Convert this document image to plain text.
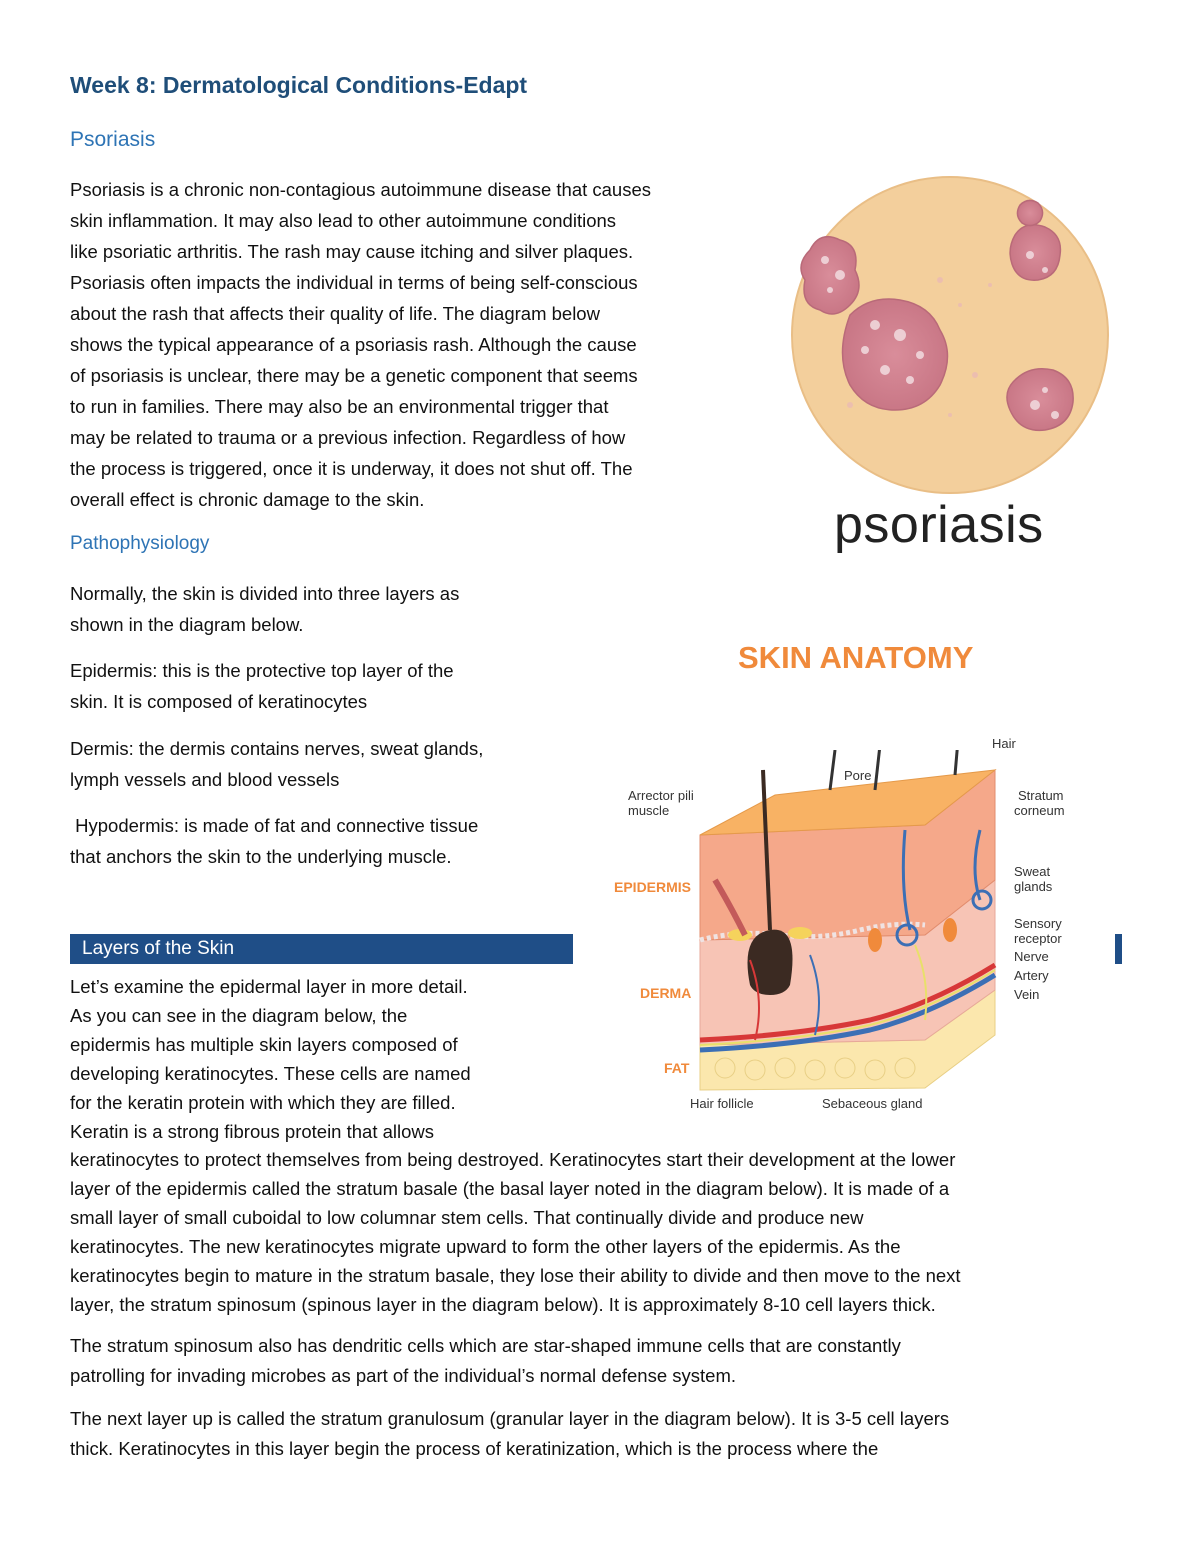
Week 8: Dermatological Conditions-Edapt
Psoriasis

Psoriasis is a chronic non-contagious autoimmune disease that causes

skin inflammation. It may also lead to other autoimmune conditions

like psoriatic arthritis. The rash may cause itching and silver plaques.

Psoriasis often impacts the individual in terms of being self-conscious

about the rash that affects their quality of life. The diagram below

shows the typical appearance of a psoriasis rash. Although the cause

of psoriasis is unclear, there may be a genetic component that seems

to run in families. There may also be an environmental trigger that

may be related to trauma or a previous infection. Regardless of how

the process is triggered, once it is underway, it does not shut off. The

overall effect is chronic damage to the skin.

Pathophysiology

Normally, the skin is divided into three layers as

shown in the diagram below.

Epidermis: this is the protective top layer of the

skin. It is composed of keratinocytes

Dermis: the dermis contains nerves, sweat glands,

lymph vessels and blood vessels

Hypodermis: is made of fat and connective tissue

that anchors the skin to the underlying muscle.

Layers of the Skin

Let’s examine the epidermal layer in more detail.

As you can see in the diagram below, the

epidermis has multiple skin layers composed of

developing keratinocytes. These cells are named

for the keratin protein with which they are filled.

Keratin is a strong fibrous protein that allows

keratinocytes to protect themselves from being destroyed. Keratinocytes start their development at the lower

layer of the epidermis called the stratum basale (the basal layer noted in the diagram below). It is made of a

small layer of small cuboidal to low columnar stem cells. That continually divide and produce new

keratinocytes. The new keratinocytes migrate upward to form the other layers of the epidermis. As the

keratinocytes begin to mature in the stratum basale, they lose their ability to divide and then move to the next

layer, the stratum spinosum (spinous layer in the diagram below). It is approximately 8-10 cell layers thick.

The stratum spinosum also has dendritic cells which are star-shaped immune cells that are constantly

patrolling for invading microbes as part of the individual’s normal defense system.

The next layer up is called the stratum granulosum (granular layer in the diagram below). It is 3-5 cell layers

thick. Keratinocytes in this layer begin the process of keratinization, which is the process where the

psoriasis
SKIN ANATOMY
Hair
Pore
Arrector pili
muscle
Stratum
corneum
Sweat
glands
Sensory
receptor
Nerve
Artery
Vein
EPIDERMIS
DERMA
FAT
Hair follicle	Sebaceous gland
